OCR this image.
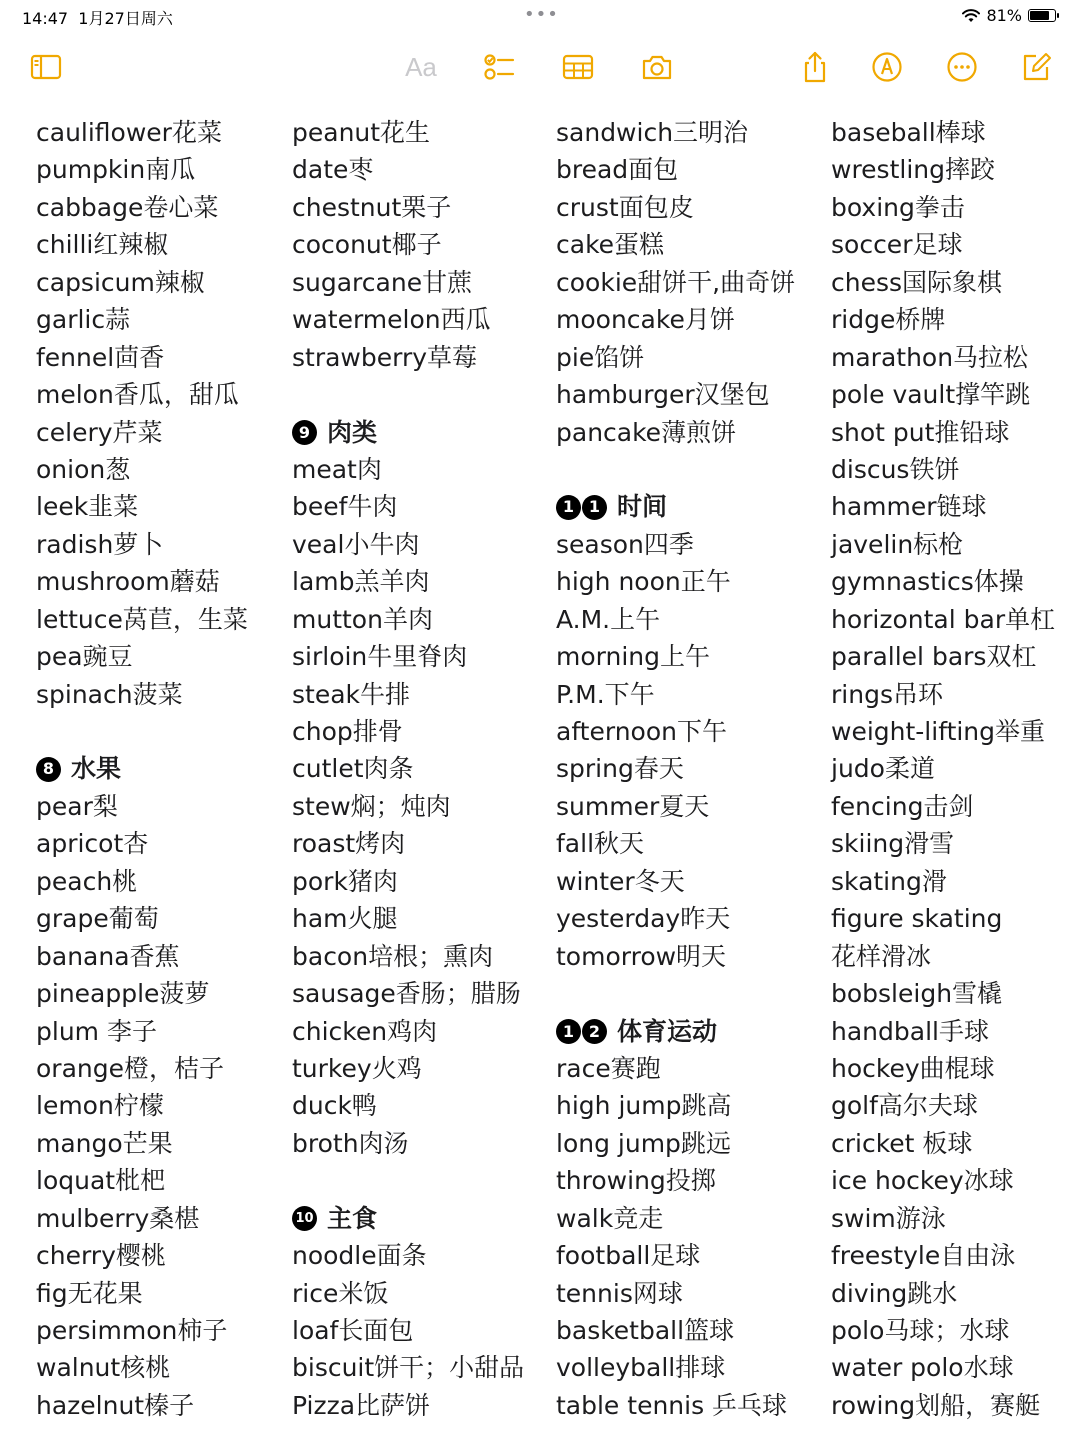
14:47 1月27日周六	•••	81%
Aa
cauliflower花菜
pumpkin南瓜
cabbage卷心菜
chilli红辣椒
capsicum辣椒
garlic蒜
fennel茴香
melon香瓜，甜瓜
celery芹菜
onion葱
leek韭菜
radish萝卜
mushroom蘑菇
lettuce莴苣，生菜
pea豌豆
spinach菠菜
8 水果
pear梨
apricot杏
peach桃
grape葡萄
banana香蕉
pineapple菠萝
plum 李子
orange橙，桔子
lemon柠檬
mango芒果
loquat枇杷
mulberry桑椹
cherry樱桃
fig无花果
persimmon柿子
walnut核桃
hazelnut榛子
peanut花生
date枣
chestnut栗子
coconut椰子
sugarcane甘蔗
watermelon西瓜
strawberry草莓
9 肉类
meat肉
beef牛肉
veal小牛肉
lamb羔羊肉
mutton羊肉
sirloin牛里脊肉
steak牛排
chop排骨
cutlet肉条
stew焖；炖肉
roast烤肉
pork猪肉
ham火腿
bacon培根；熏肉
sausage香肠；腊肠
chicken鸡肉
turkey火鸡
duck鸭
broth肉汤
10 主食
noodle面条
rice米饭
loaf长面包
biscuit饼干；小甜品
Pizza比萨饼
sandwich三明治
bread面包
crust面包皮
cake蛋糕
cookie甜饼干,曲奇饼
mooncake月饼
pie馅饼
hamburger汉堡包
pancake薄煎饼
1 1 时间
season四季
high noon正午
A.M.上午
morning上午
P.M.下午
afternoon下午
spring春天
summer夏天
fall秋天
winter冬天
yesterday昨天
tomorrow明天
1 2 体育运动
race赛跑
high jump跳高
long jump跳远
throwing投掷
walk竞走
football足球
tennis网球
basketball篮球
volleyball排球
table tennis 乒乓球
baseball棒球
wrestling摔跤
boxing拳击
soccer足球
chess国际象棋
ridge桥牌
marathon马拉松
pole vault撑竿跳
shot put推铅球
discus铁饼
hammer链球
javelin标枪
gymnastics体操
horizontal bar单杠
parallel bars双杠
rings吊环
weight-lifting举重
judo柔道
fencing击剑
skiing滑雪
skating滑
figure skating
花样滑冰
bobsleigh雪橇
handball手球
hockey曲棍球
golf高尔夫球
cricket 板球
ice hockey冰球
swim游泳
freestyle自由泳
diving跳水
polo马球；水球
water polo水球
rowing划船，赛艇
